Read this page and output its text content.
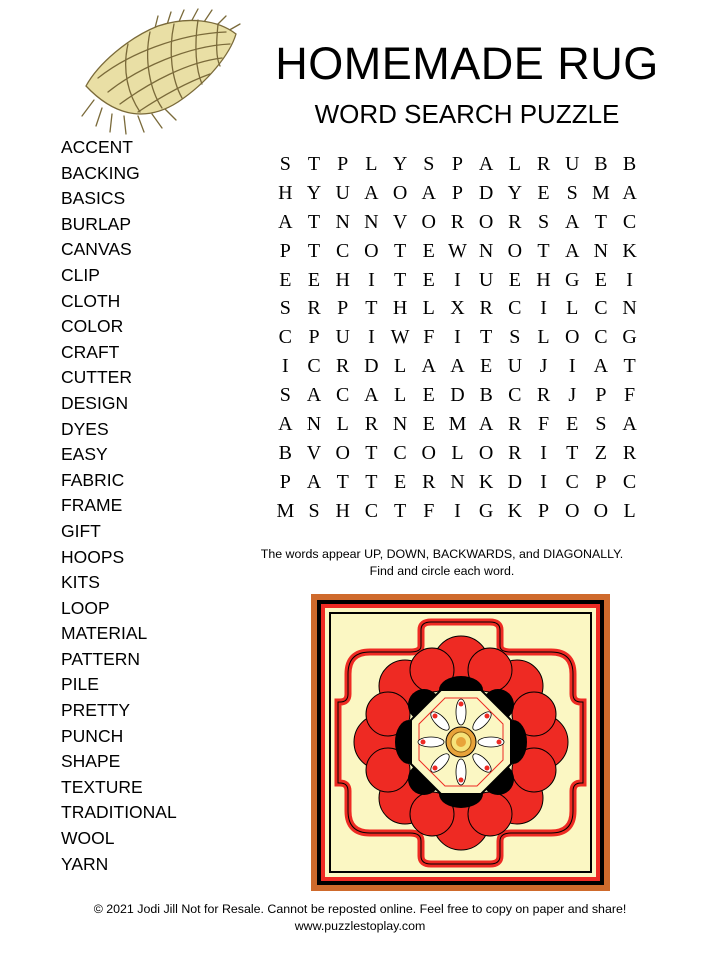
HOMEMADE RUG
WORD SEARCH PUZZLE
ACCENT
BACKING
BASICS
BURLAP
CANVAS
CLIP
CLOTH
COLOR
CRAFT
CUTTER
DESIGN
DYES
EASY
FABRIC
FRAME
GIFT
HOOPS
KITS
LOOP
MATERIAL
PATTERN
PILE
PRETTY
PUNCH
SHAPE
TEXTURE
TRADITIONAL
WOOL
YARN
S T P L Y S P A L R U B B
H Y U A O A P D Y E S M A
A T N N V O R O R S A T C
P T C O T E W N O T A N K
E E H I T E I U E H G E I
S R P T H L X R C I L C N
C P U I W F I T S L O C G
I C R D L A A E U J	I A T
S A C A L E D B C R J P F
A N L R N E M A R F E S A
B V O T C O L O R I T Z R
P A T T E R N K D I C P C
M S H C T F I G K P O O L
The words appear UP, DOWN, BACKWARDS, and DIAGONALLY.
Find and circle each word.
© 2021 Jodi Jill Not for Resale. Cannot be reposted online. Feel free to copy on paper and share!
www.puzzlestoplay.com
